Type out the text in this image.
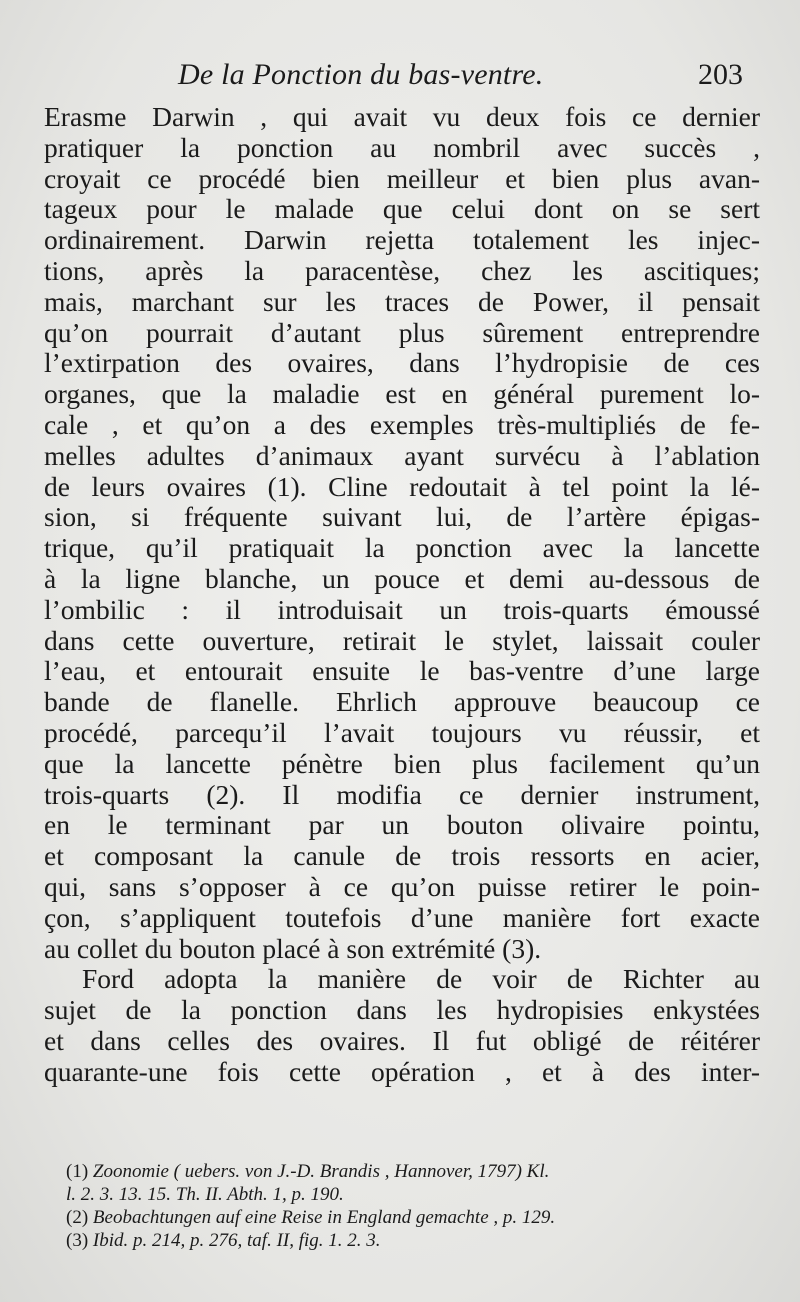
De la Ponction du bas-ventre.	203
Erasme Darwin , qui avait vu deux fois ce dernier
pratiquer la ponction au nombril avec succès ,
croyait ce procédé bien meilleur et bien plus avan-
tageux pour le malade que celui dont on se sert
ordinairement. Darwin rejetta totalement les injec-
tions, après la paracentèse, chez les ascitiques;
mais, marchant sur les traces de Power, il pensait
qu’on pourrait d’autant plus sûrement entreprendre
l’extirpation des ovaires, dans l’hydropisie de ces
organes, que la maladie est en général purement lo-
cale , et qu’on a des exemples très-multipliés de fe-
melles adultes d’animaux ayant survécu à l’ablation
de leurs ovaires (1). Cline redoutait à tel point la lé-
sion, si fréquente suivant lui, de l’artère épigas-
trique, qu’il pratiquait la ponction avec la lancette
à la ligne blanche, un pouce et demi au-dessous de
l’ombilic : il introduisait un trois-quarts émoussé
dans cette ouverture, retirait le stylet, laissait couler
l’eau, et entourait ensuite le bas-ventre d’une large
bande de flanelle. Ehrlich approuve beaucoup ce
procédé, parcequ’il l’avait toujours vu réussir, et
que la lancette pénètre bien plus facilement qu’un
trois-quarts (2). Il modifia ce dernier instrument,
en le terminant par un bouton olivaire pointu,
et composant la canule de trois ressorts en acier,
qui, sans s’opposer à ce qu’on puisse retirer le poin-
çon, s’appliquent toutefois d’une manière fort exacte
au collet du bouton placé à son extrémité (3).
Ford adopta la manière de voir de Richter au
sujet de la ponction dans les hydropisies enkystées
et dans celles des ovaires. Il fut obligé de réitérer
quarante-une fois cette opération , et à des inter-
(1) Zoonomie ( uebers. von J.-D. Brandis , Hannover, 1797) Kl.
l. 2. 3. 13. 15. Th. II. Abth. 1, p. 190.
(2) Beobachtungen auf eine Reise in England gemachte , p. 129.
(3) Ibid. p. 214, p. 276, taf. II, fig. 1. 2. 3.
